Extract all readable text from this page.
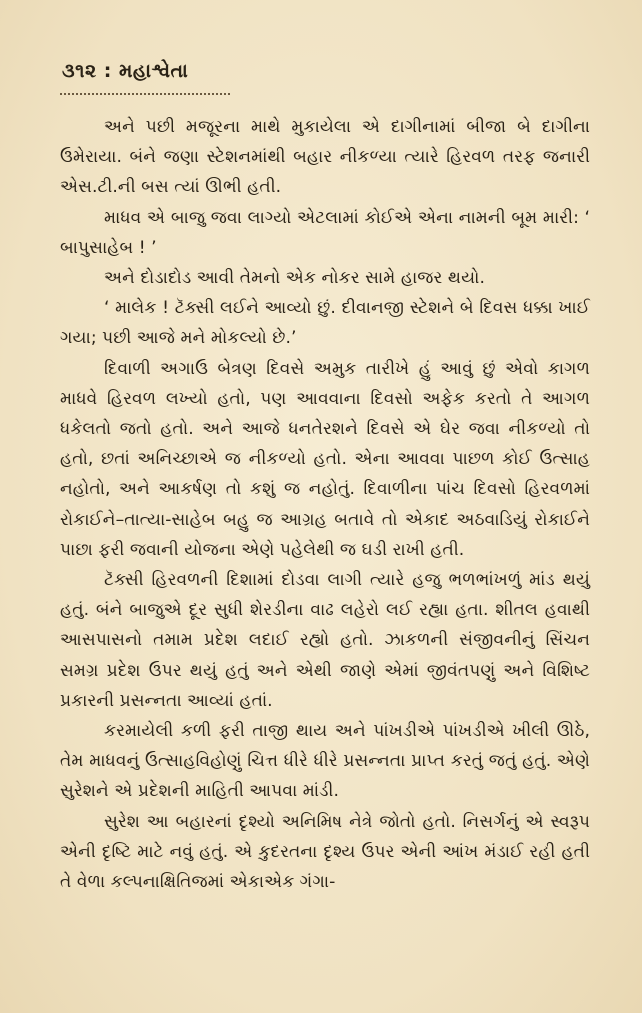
૩૧૨ : મહાશ્વેતા

અને પછી મજૂરના માથે મુકાયેલા એ દાગીનામાં બીજા બે દાગીના ઉમેરાયા. બંને જણા સ્ટેશનમાંથી બહાર નીકળ્યા ત્યારે હિરવળ તરફ જનારી એસ.ટી.ની બસ ત્યાં ઊભી હતી.

માધવ એ બાજુ જવા લાગ્યો એટલામાં કોઈએ એના નામની બૂમ મારી: ‘ બાપુસાહેબ ! ’

અને દોડાદોડ આવી તેમનો એક નોકર સામે હાજર થયો.

‘ માલેક ! ટૅક્સી લઈને આવ્યો છું. દીવાનજી સ્ટેશને બે દિવસ ધક્કા ખાઈ ગયા; પછી આજે મને મોકલ્યો છે.’

દિવાળી અગાઉ બેત્રણ દિવસે અમુક તારીખે હું આવું છું એવો કાગળ માધવે હિરવળ લખ્યો હતો, પણ આવવાના દિવસો અફેક કરતો તે આગળ ધકેલતો જતો હતો. અને આજે ધનતેરશને દિવસે એ ઘેર જવા નીકળ્યો તો હતો, છતાં અનિચ્છાએ જ નીકળ્યો હતો. એના આવવા પાછળ કોઈ ઉત્સાહ નહોતો, અને આકર્ષણ તો કશું જ નહોતું. દિવાળીના પાંચ દિવસો હિરવળમાં રોકાઈને–તાત્યા-સાહેબ બહુ જ આગ્રહ બતાવે તો એકાદ અઠવાડિયું રોકાઈને પાછા ફરી જવાની યોજના એણે પહેલેથી જ ઘડી રાખી હતી.

ટૅક્સી હિરવળની દિશામાં દોડવા લાગી ત્યારે હજુ ભળભાંખળું માંડ થયું હતું. બંને બાજુએ દૂર સુધી શેરડીના વાઢ લહેરો લઈ રહ્યા હતા. શીતલ હવાથી આસપાસનો તમામ પ્રદેશ લદાઈ રહ્યો હતો. ઝાકળની સંજીવનીનું સિંચન સમગ્ર પ્રદેશ ઉપર થયું હતું અને એથી જાણે એમાં જીવંતપણું અને વિશિષ્ટ પ્રકારની પ્રસન્નતા આવ્યાં હતાં.

કરમાયેલી કળી ફરી તાજી થાય અને પાંખડીએ પાંખડીએ ખીલી ઊઠે, તેમ માધવનું ઉત્સાહવિહોણું ચિત્ત ધીરે ધીરે પ્રસન્નતા પ્રાપ્ત કરતું જતું હતું. એણે સુરેશને એ પ્રદેશની માહિતી આપવા માંડી.

સુરેશ આ બહારનાં દૃશ્યો અનિમિષ નેત્રે જોતો હતો. નિસર્ગનું એ સ્વરૂપ એની દૃષ્ટિ માટે નવું હતું. એ કુદરતના દૃશ્ય ઉપર એની આંખ મંડાઈ રહી હતી તે વેળા કલ્પનાક્ષિતિજમાં એકાએક ગંગા-
